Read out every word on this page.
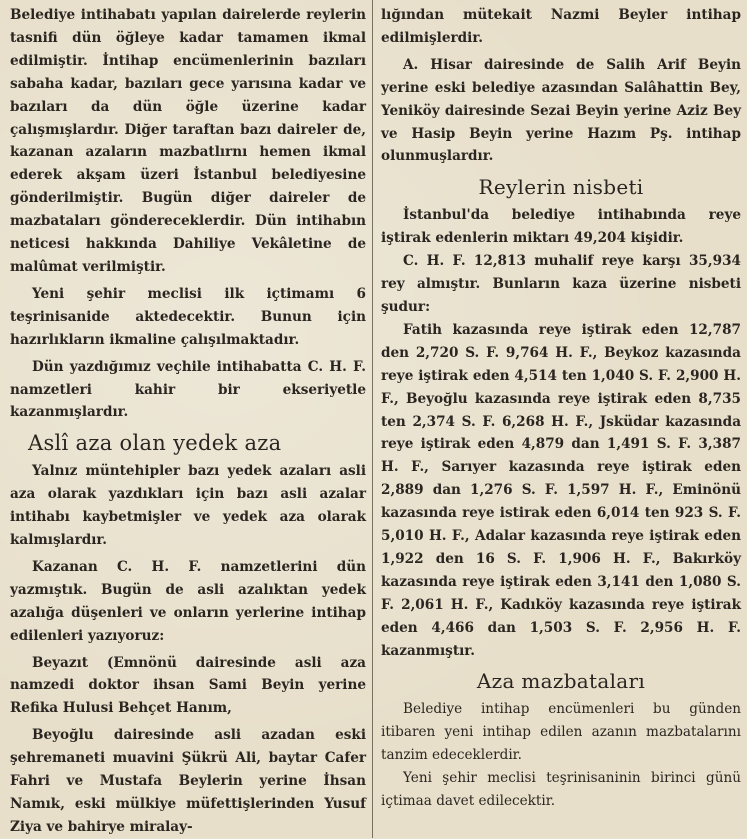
Belediye intihabatı yapılan dairelerde reylerin tasnifi dün öğleye kadar tamamen ikmal edilmiştir. İntihap encümenlerinin bazıları sabaha kadar, bazıları gece yarısına kadar ve bazıları da dün öğle üzerine kadar çalışmışlardır. Diğer taraftan bazı daireler de, kazanan azaların mazbatlırnı hemen ikmal ederek akşam üzeri İstanbul belediyesine gönderilmiştir. Bugün diğer daireler de mazbataları göndereceklerdir. Dün intihabın neticesi hakkında Dahiliye Vekâletine de malûmat verilmiştir.

Yeni şehir meclisi ilk içtimamı 6 teşrinisanide aktedecektir. Bunun için hazırlıkların ikmaline çalışılmaktadır.

Dün yazdığımız veçhile intihabatta C. H. F. namzetleri kahir bir ekseriyetle kazanmışlardır.

Aslî aza olan yedek aza

Yalnız müntehipler bazı yedek azaları asli aza olarak yazdıkları için bazı asli azalar intihabı kaybetmişler ve yedek aza olarak kalmışlardır.

Kazanan C. H. F. namzetlerini dün yazmıştık. Bugün de asli azalıktan yedek azalığa düşenleri ve onların yerlerine intihap edilenleri yazıyoruz:

Beyazıt (Emnönü dairesinde asli aza namzedi doktor ihsan Sami Beyin yerine Refika Hulusi Behçet Hanım,

Beyoğlu dairesinde asli azadan eski şehremaneti muavini Şükrü Ali, baytar Cafer Fahri ve Mustafa Beylerin yerine İhsan Namık, eski mülkiye müfettişlerinden Yusuf Ziya ve bahirye miralay-

lığından mütekait Nazmi Beyler intihap edilmişlerdir.

A. Hisar dairesinde de Salih Arif Beyin yerine eski belediye azasından Salâhattin Bey, Yeniköy dairesinde Sezai Beyin yerine Aziz Bey ve Hasip Beyin yerine Hazım Pş. intihap olunmuşlardır.

Reylerin nisbeti

İstanbul'da belediye intihabında reye iştirak edenlerin miktarı 49,204 kişidir.

C. H. F. 12,813 muhalif reye karşı 35,934 rey almıştır. Bunların kaza üzerine nisbeti şudur:

Fatih kazasında reye iştirak eden 12,787 den 2,720 S. F. 9,764 H. F., Beykoz kazasında reye iştirak eden 4,514 ten 1,040 S. F. 2,900 H. F., Beyoğlu kazasında reye iştirak eden 8,735 ten 2,374 S. F. 6,268 H. F., Jsküdar kazasında reye iştirak eden 4,879 dan 1,491 S. F. 3,387 H. F., Sarıyer kazasında reye iştirak eden 2,889 dan 1,276 S. F. 1,597 H. F., Eminönü kazasında reye istirak eden 6,014 ten 923 S. F. 5,010 H. F., Adalar kazasında reye iştirak eden 1,922 den 16 S. F. 1,906 H. F., Bakırköy kazasında reye iştirak eden 3,141 den 1,080 S. F. 2,061 H. F., Kadıköy kazasında reye iştirak eden 4,466 dan 1,503 S. F. 2,956 H. F. kazanmıştır.

Aza mazbataları

Belediye intihap encümenleri bu günden itibaren yeni intihap edilen azanın mazbatalarını tanzim edeceklerdir.

Yeni şehir meclisi teşrinisaninin birinci günü içtimaa davet edilecektir.
